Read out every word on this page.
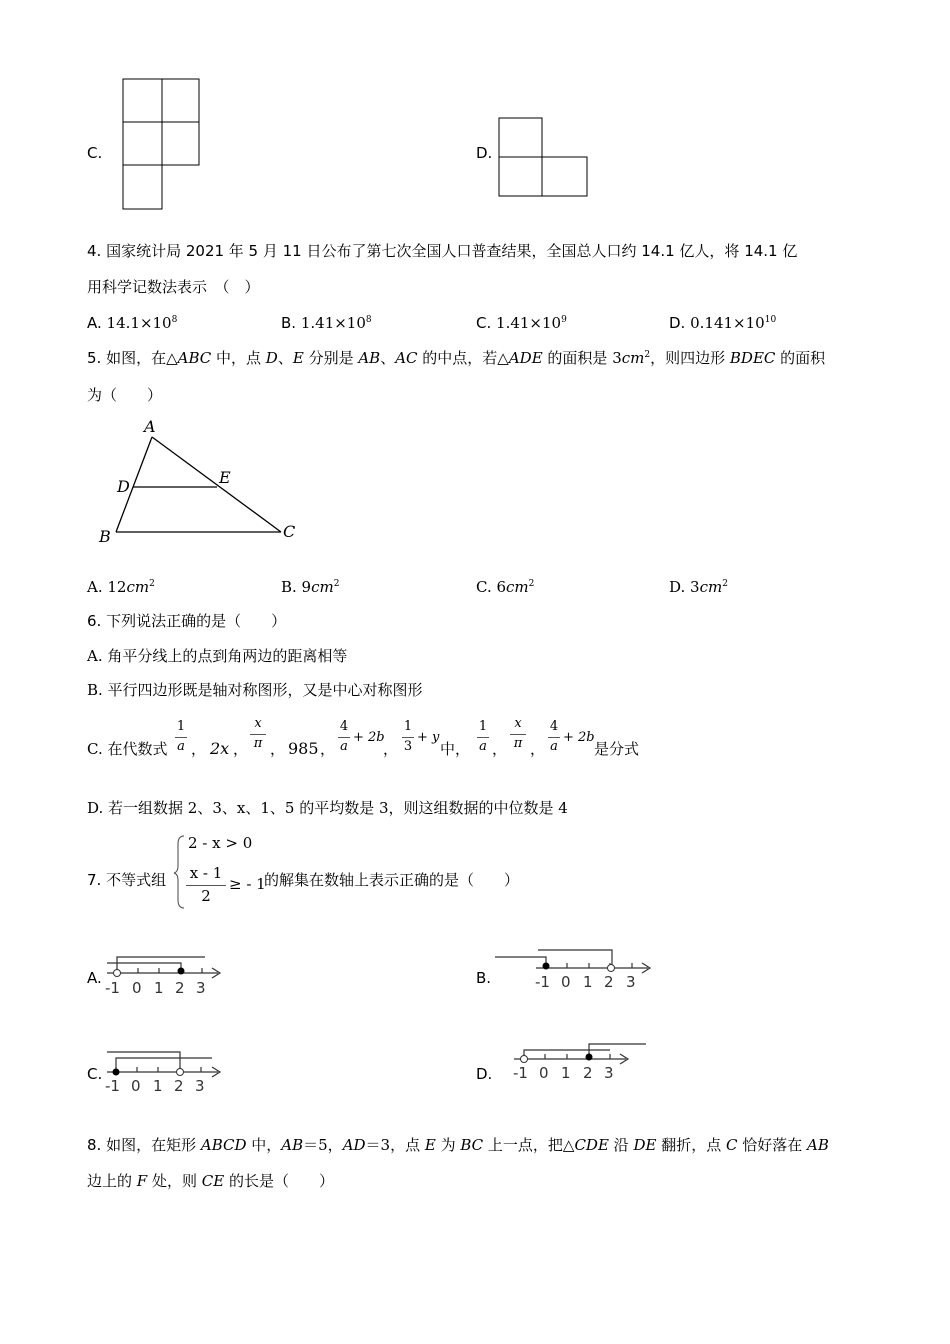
C.	D.
4. 国家统计局 2021 年 5 月 11 日公布了第七次全国人口普查结果，全国总人口约 14.1 亿人，将 14.1 亿
用科学记数法表示　（　）
A. $14.1\times 10^8$	B. $1.41\times 10^8$	C. $1.41\times 10^9$	D. $0.141\times 10^{10}$
5. 如图，在△ABC 中，点 D、E 分别是 AB、AC 的中点，若△ADE 的面积是 $3cm^2$，则四边形 BDEC 的面积
为（　　）
A
D	E
B	C
A. $12cm^2$	B. $9cm^2$	C. $6cm^2$	D. $3cm^2$
6. 下列说法正确的是（　　）
A. 角平分线上的点到角两边的距离相等
B. 平行四边形既是轴对称图形，又是中心对称图形
C. 在代数式
1
a ， 2x ，
x
π ， 985 ，
4
a
+ 2b
，
1
3
+ y
中，
1
a ，
x
π ，
4
a
+ 2b
是分式
D. 若一组数据 2、3、x、1、5 的平均数是 3，则这组数据的中位数是 4
7. 不等式组
2 - x > 0
x - 1
2
≥ - 1
的解集在数轴上表示正确的是（　　）
A.	B.
C.	D.
-1 0 1 2 3	-1 0 1 2 3
-1 0 1 2 3
-1 0 1 2 3
8. 如图，在矩形 ABCD 中，AB＝5，AD＝3，点 E 为 BC 上一点，把△CDE 沿 DE 翻折，点 C 恰好落在 AB
边上的 F 处，则 CE 的长是（　　）
